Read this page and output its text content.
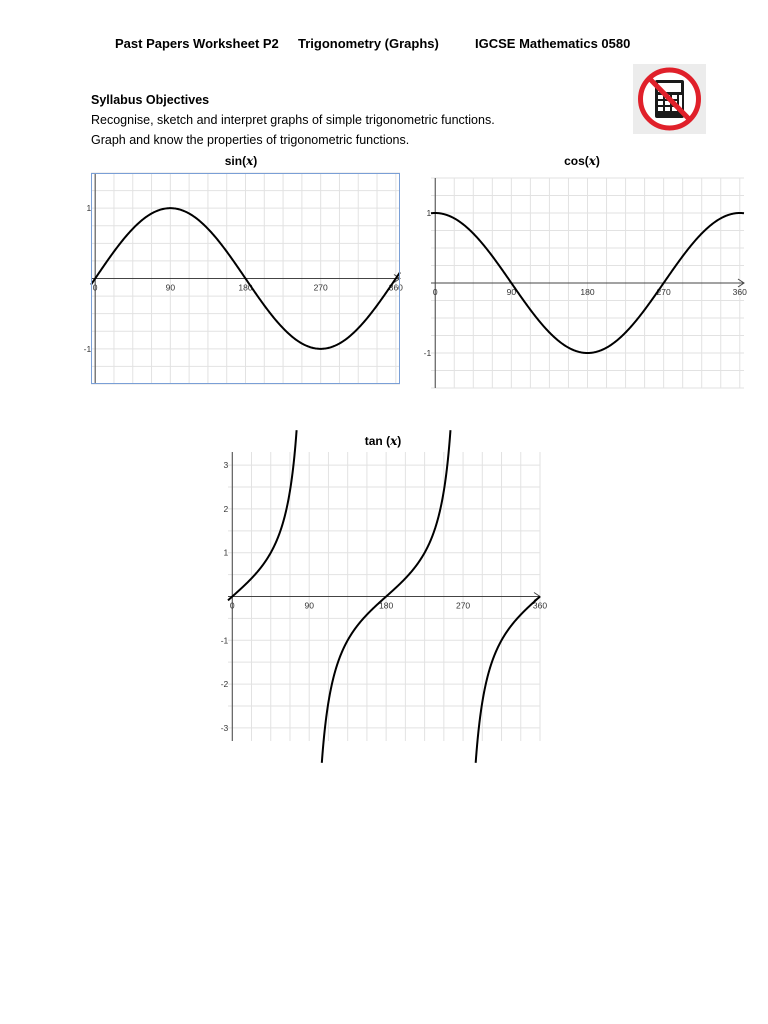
Past Papers Worksheet P2 Trigonometry (Graphs)	IGCSE Mathematics 0580
Syllabus Objectives
Recognise, sketch and interpret graphs of simple trigonometric functions.
Graph and know the properties of trigonometric functions.
sin(x)	cos(x)
tan (x)
0	90	180	270	360
1
-1
0	90	180	270	360
1
-1
0	90	180	270	360
3
2
1
-1
-2
-3
